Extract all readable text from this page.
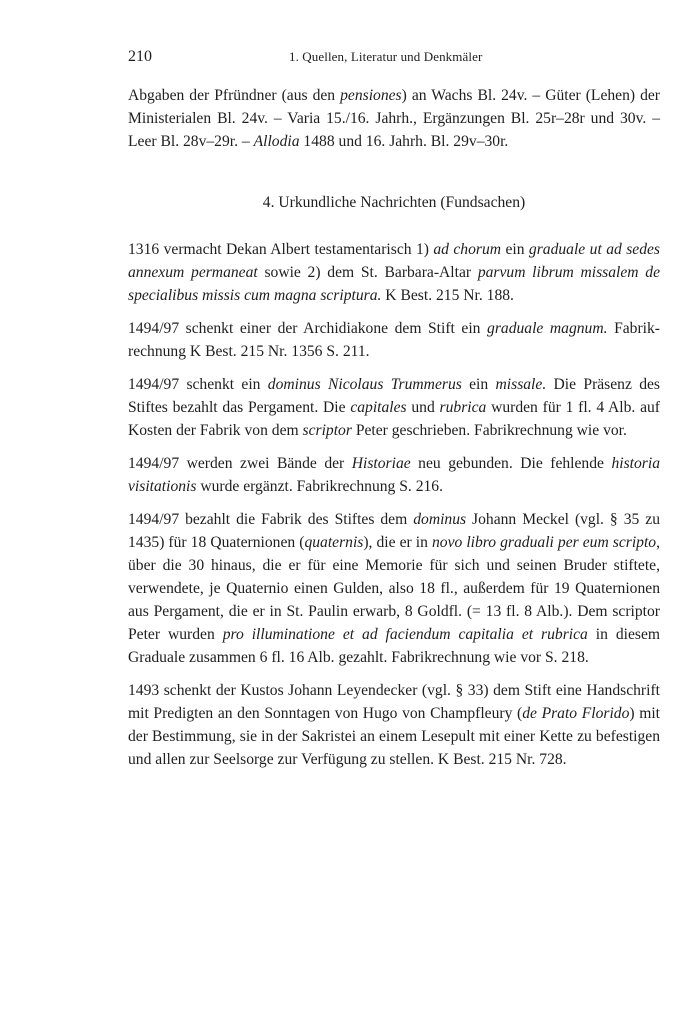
210	1. Quellen, Literatur und Denkmäler

Abgaben der Pfründner (aus den pensiones) an Wachs Bl. 24v. – Güter (Lehen) der Ministerialen Bl. 24v. – Varia 15./16. Jahrh., Ergänzungen Bl. 25r–28r und 30v. – Leer Bl. 28v–29r. – Allodia 1488 und 16. Jahrh. Bl. 29v–30r.

4. Urkundliche Nachrichten (Fundsachen)

1316 vermacht Dekan Albert testamentarisch 1) ad chorum ein graduale ut ad sedes annexum permaneat sowie 2) dem St. Barbara-Altar parvum librum missalem de specialibus missis cum magna scriptura. K Best. 215 Nr. 188.

1494/97 schenkt einer der Archidiakone dem Stift ein graduale magnum. Fabrikrechnung K Best. 215 Nr. 1356 S. 211.

1494/97 schenkt ein dominus Nicolaus Trummerus ein missale. Die Präsenz des Stiftes bezahlt das Pergament. Die capitales und rubrica wurden für 1 fl. 4 Alb. auf Kosten der Fabrik von dem scriptor Peter geschrieben. Fabrikrechnung wie vor.

1494/97 werden zwei Bände der Historiae neu gebunden. Die fehlende historia visitationis wurde ergänzt. Fabrikrechnung S. 216.

1494/97 bezahlt die Fabrik des Stiftes dem dominus Johann Meckel (vgl. § 35 zu 1435) für 18 Quaternionen (quaternis), die er in novo libro graduali per eum scripto, über die 30 hinaus, die er für eine Memorie für sich und seinen Bruder stiftete, verwendete, je Quaternio einen Gulden, also 18 fl., außerdem für 19 Quaternionen aus Pergament, die er in St. Paulin erwarb, 8 Goldfl. (= 13 fl. 8 Alb.). Dem scriptor Peter wurden pro illuminatione et ad faciendum capitalia et rubrica in diesem Graduale zusammen 6 fl. 16 Alb. gezahlt. Fabrikrechnung wie vor S. 218.

1493 schenkt der Kustos Johann Leyendecker (vgl. § 33) dem Stift eine Handschrift mit Predigten an den Sonntagen von Hugo von Champfleury (de Prato Florido) mit der Bestimmung, sie in der Sakristei an einem Lesepult mit einer Kette zu befestigen und allen zur Seelsorge zur Verfügung zu stellen. K Best. 215 Nr. 728.
